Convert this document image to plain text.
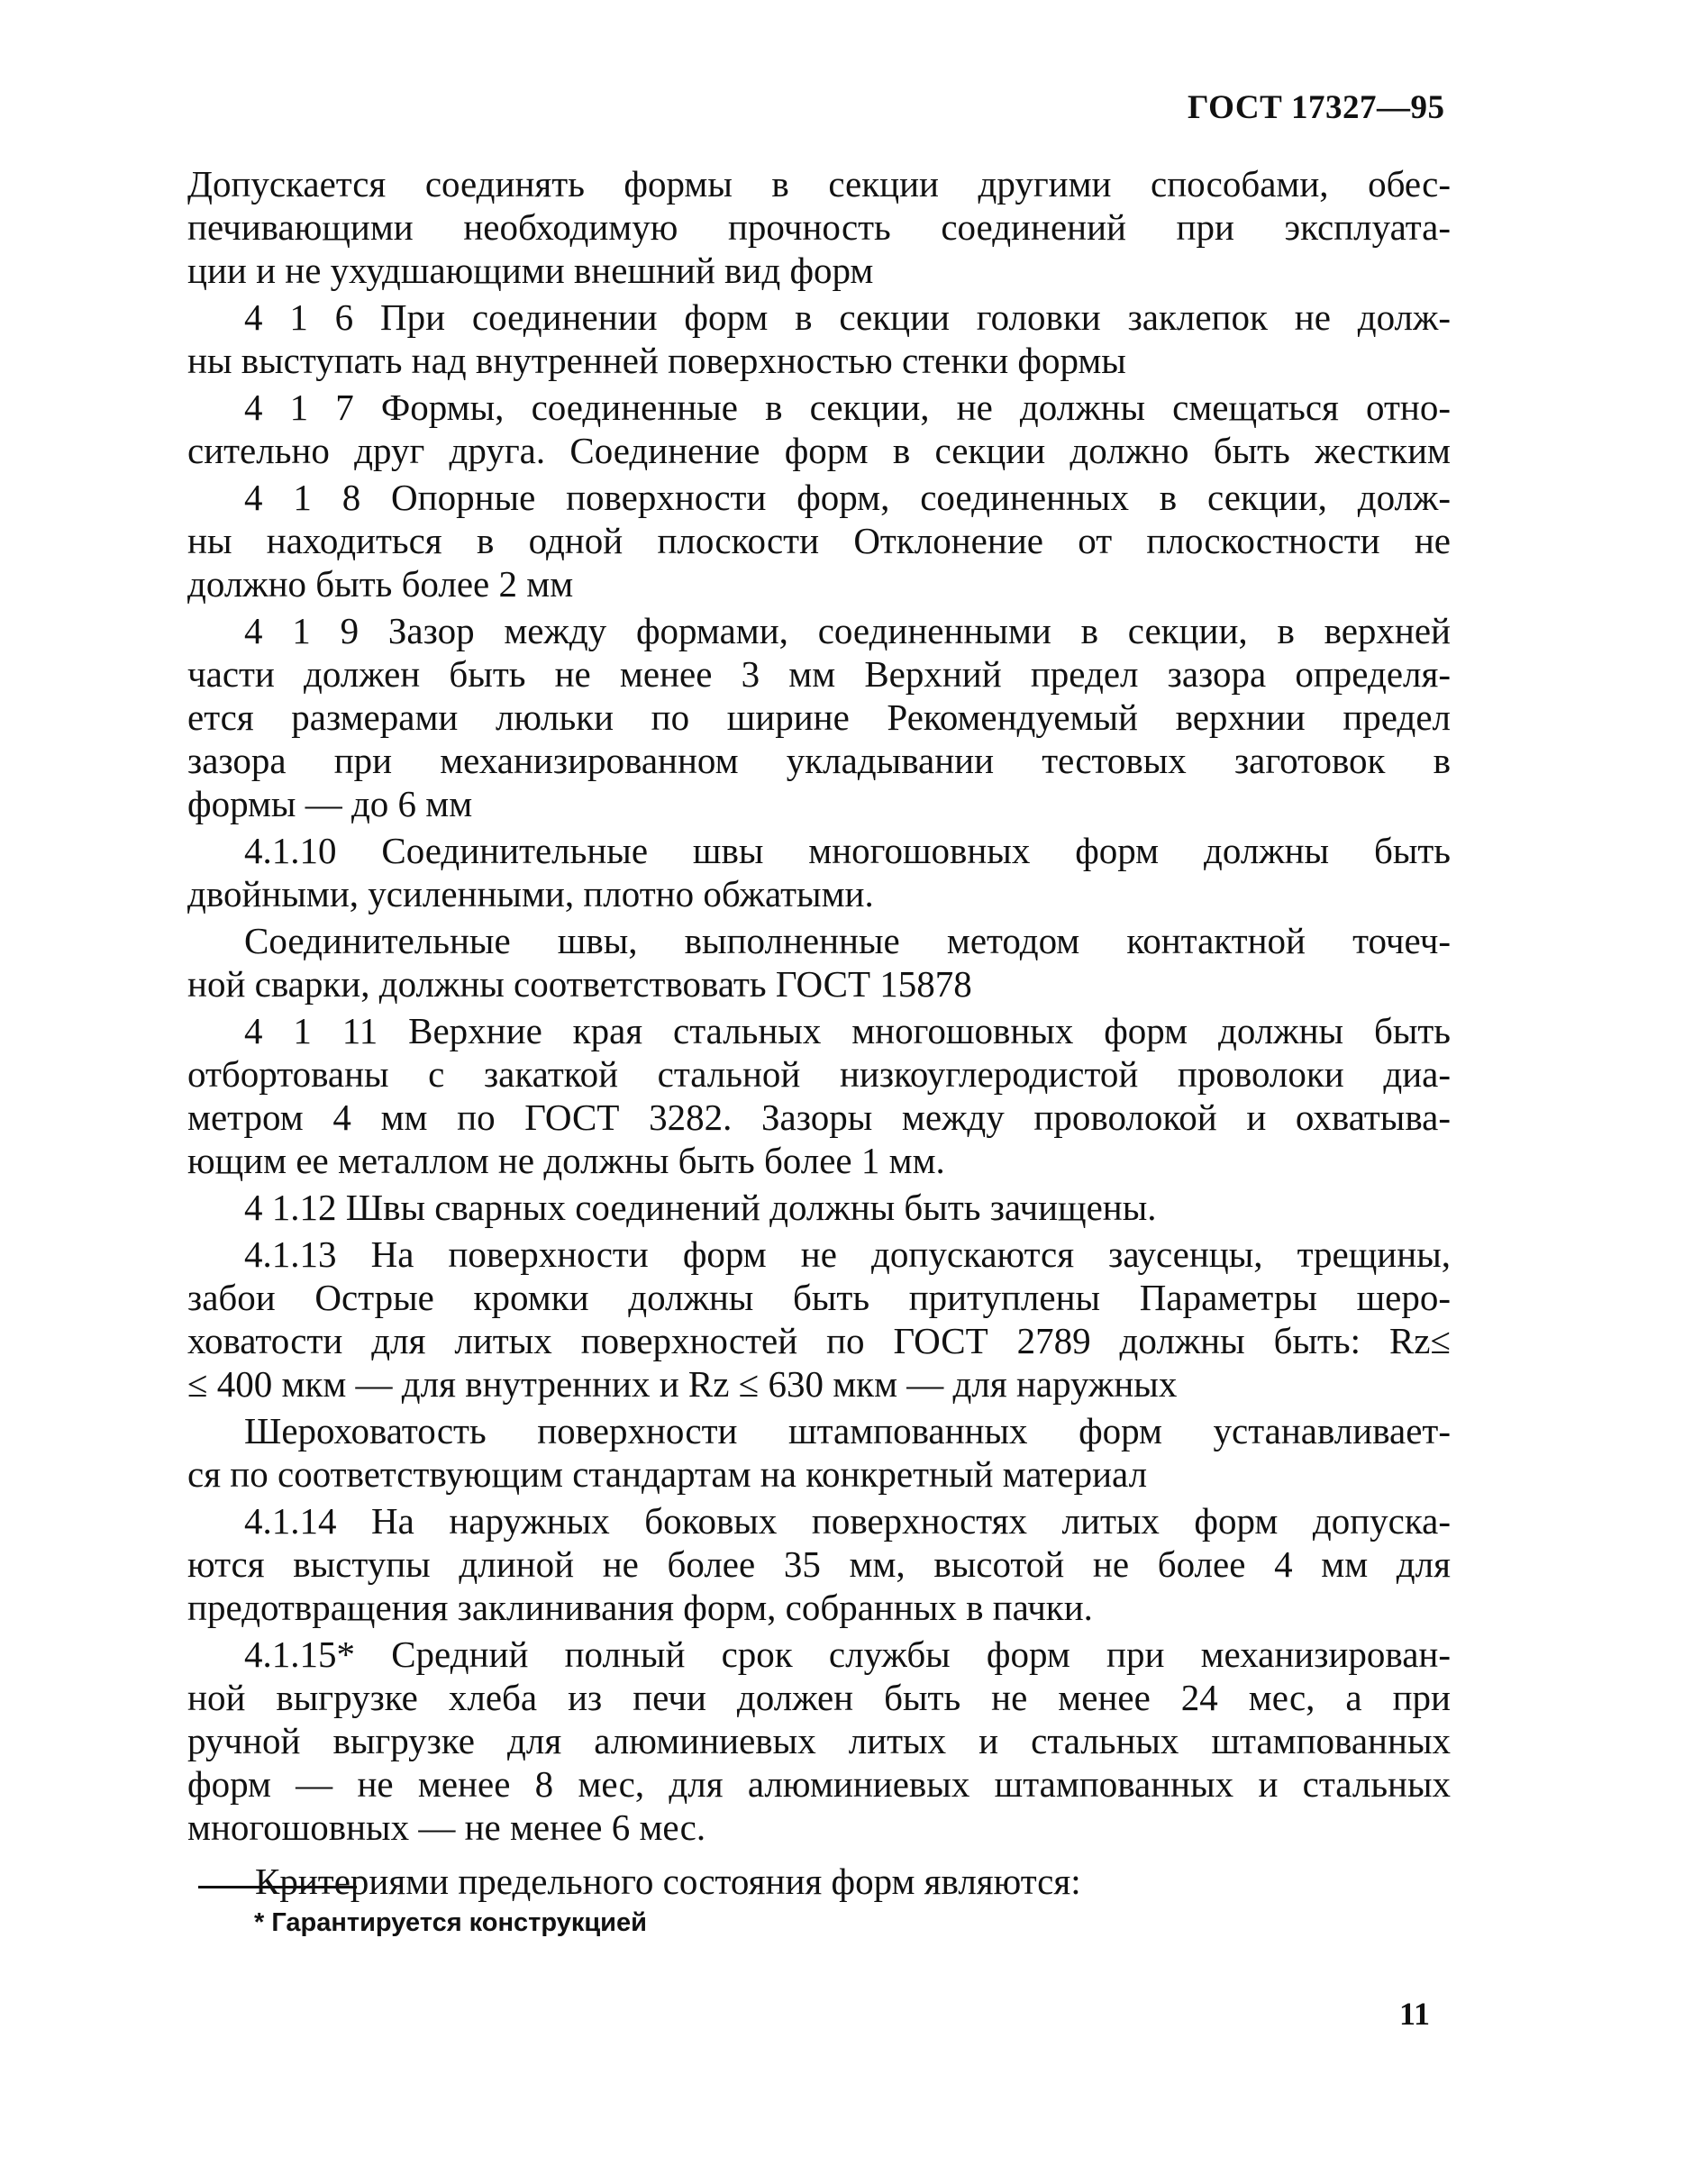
ГОСТ 17327—95
Допускается соединять формы в секции другими способами, обес-
печивающими необходимую прочность соединений при эксплуата-
ции и не ухудшающими внешний вид форм
4 1 6 При соединении форм в секции головки заклепок не долж-
ны выступать над внутренней поверхностью стенки формы
4 1 7 Формы, соединенные в секции, не должны смещаться отно-
сительно друг друга. Соединение форм в секции должно быть жестким
4 1 8 Опорные поверхности форм, соединенных в секции, долж-
ны находиться в одной плоскости Отклонение от плоскостности не
должно быть более 2 мм
4 1 9 Зазор между формами, соединенными в секции, в верхней
части должен быть не менее 3 мм Верхний предел зазора определя-
ется размерами люльки по ширине Рекомендуемый верхнии предел
зазора при механизированном укладывании тестовых заготовок в
формы — до 6 мм
4.1.10 Соединительные швы многошовных форм должны быть
двойными, усиленными, плотно обжатыми.
Соединительные швы, выполненные методом контактной точеч-
ной сварки, должны соответствовать ГОСТ 15878
4 1 11 Верхние края стальных многошовных форм должны быть
отбортованы с закаткой стальной низкоуглеродистой проволоки диа-
метром 4 мм по ГОСТ 3282. Зазоры между проволокой и охватыва-
ющим ее металлом не должны быть более 1 мм.
4 1.12 Швы сварных соединений должны быть зачищены.
4.1.13 На поверхности форм не допускаются заусенцы, трещины,
забои Острые кромки должны быть притуплены Параметры шеро-
ховатости для литых поверхностей по ГОСТ 2789 должны быть: Rz≤
≤ 400 мкм — для внутренних и Rz ≤ 630 мкм — для наружных
Шероховатость поверхности штампованных форм устанавливает-
ся по соответствующим стандартам на конкретный материал
4.1.14 На наружных боковых поверхностях литых форм допуска-
ются выступы длиной не более 35 мм, высотой не более 4 мм для
предотвращения заклинивания форм, собранных в пачки.
4.1.15* Средний полный срок службы форм при механизирован-
ной выгрузке хлеба из печи должен быть не менее 24 мес, а при
ручной выгрузке для алюминиевых литых и стальных штампованных
форм — не менее 8 мес, для алюминиевых штампованных и стальных
многошовных — не менее 6 мес.
Критериями предельного состояния форм являются:
* Гарантируется конструкцией
11
